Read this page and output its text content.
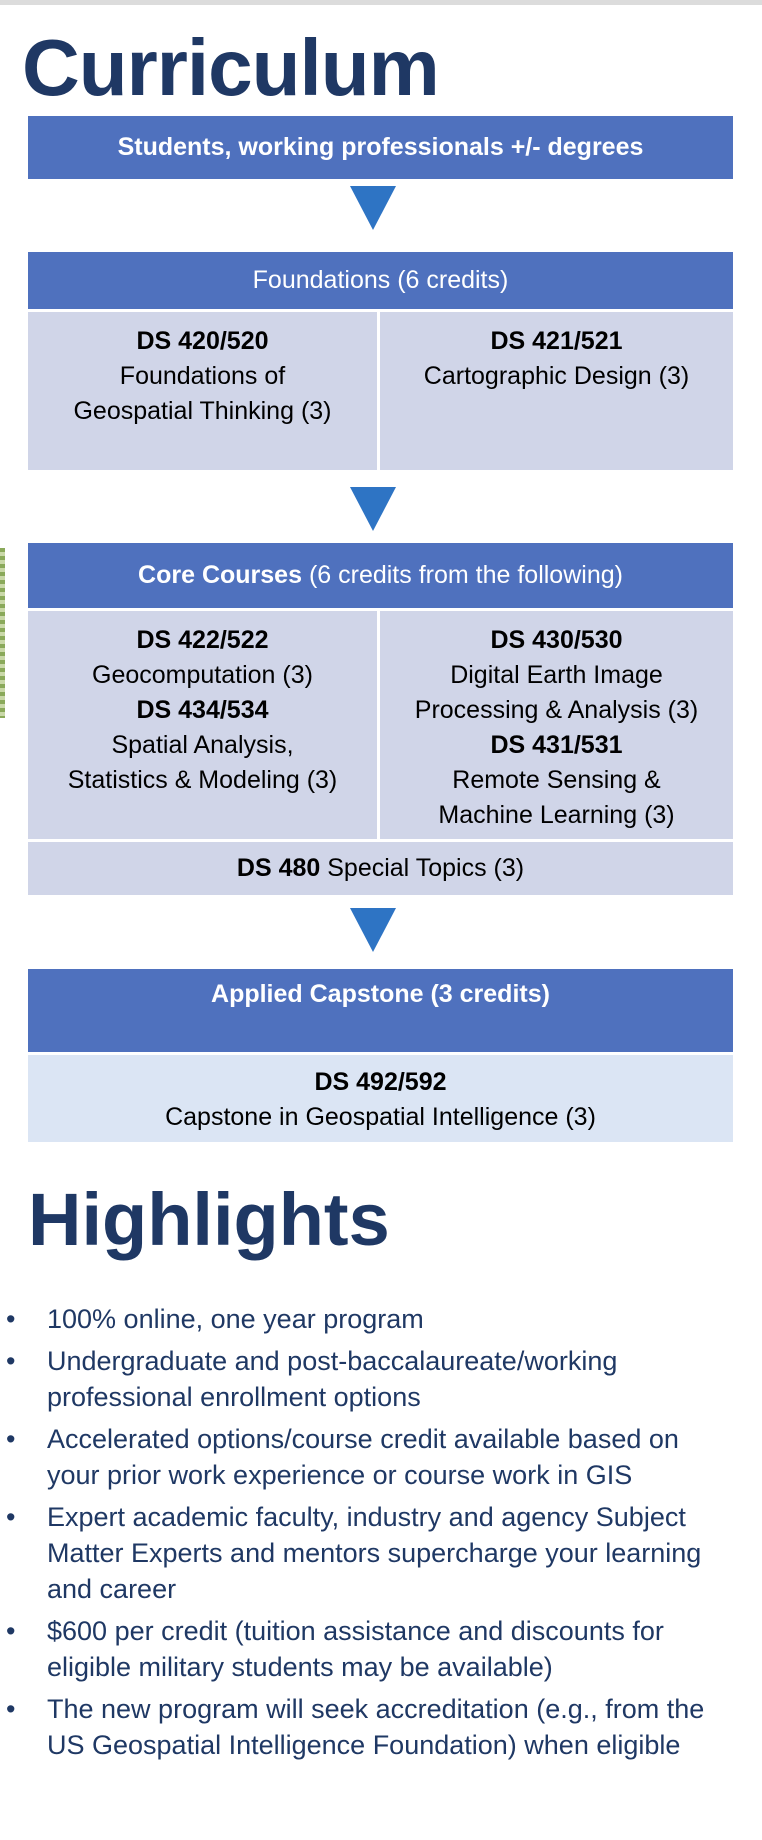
Curriculum
Students, working professionals +/- degrees
Foundations (6 credits)
DS 420/520
Foundations of
Geospatial Thinking (3)
DS 421/521
Cartographic Design (3)
Core Courses (6 credits from the following)
DS 422/522
Geocomputation (3)
DS 434/534
Spatial Analysis,
Statistics & Modeling (3)
DS 430/530
Digital Earth Image
Processing & Analysis (3)
DS 431/531
Remote Sensing &
Machine Learning (3)
DS 480 Special Topics (3)
Applied Capstone (3 credits)
DS 492/592
Capstone in Geospatial Intelligence (3)
Highlights
• 100% online, one year program
• Undergraduate and post-baccalaureate/working
professional enrollment options
• Accelerated options/course credit available based on
your prior work experience or course work in GIS
• Expert academic faculty, industry and agency Subject
Matter Experts and mentors supercharge your learning
and career
• $600 per credit (tuition assistance and discounts for
eligible military students may be available)
• The new program will seek accreditation (e.g., from the
US Geospatial Intelligence Foundation) when eligible
